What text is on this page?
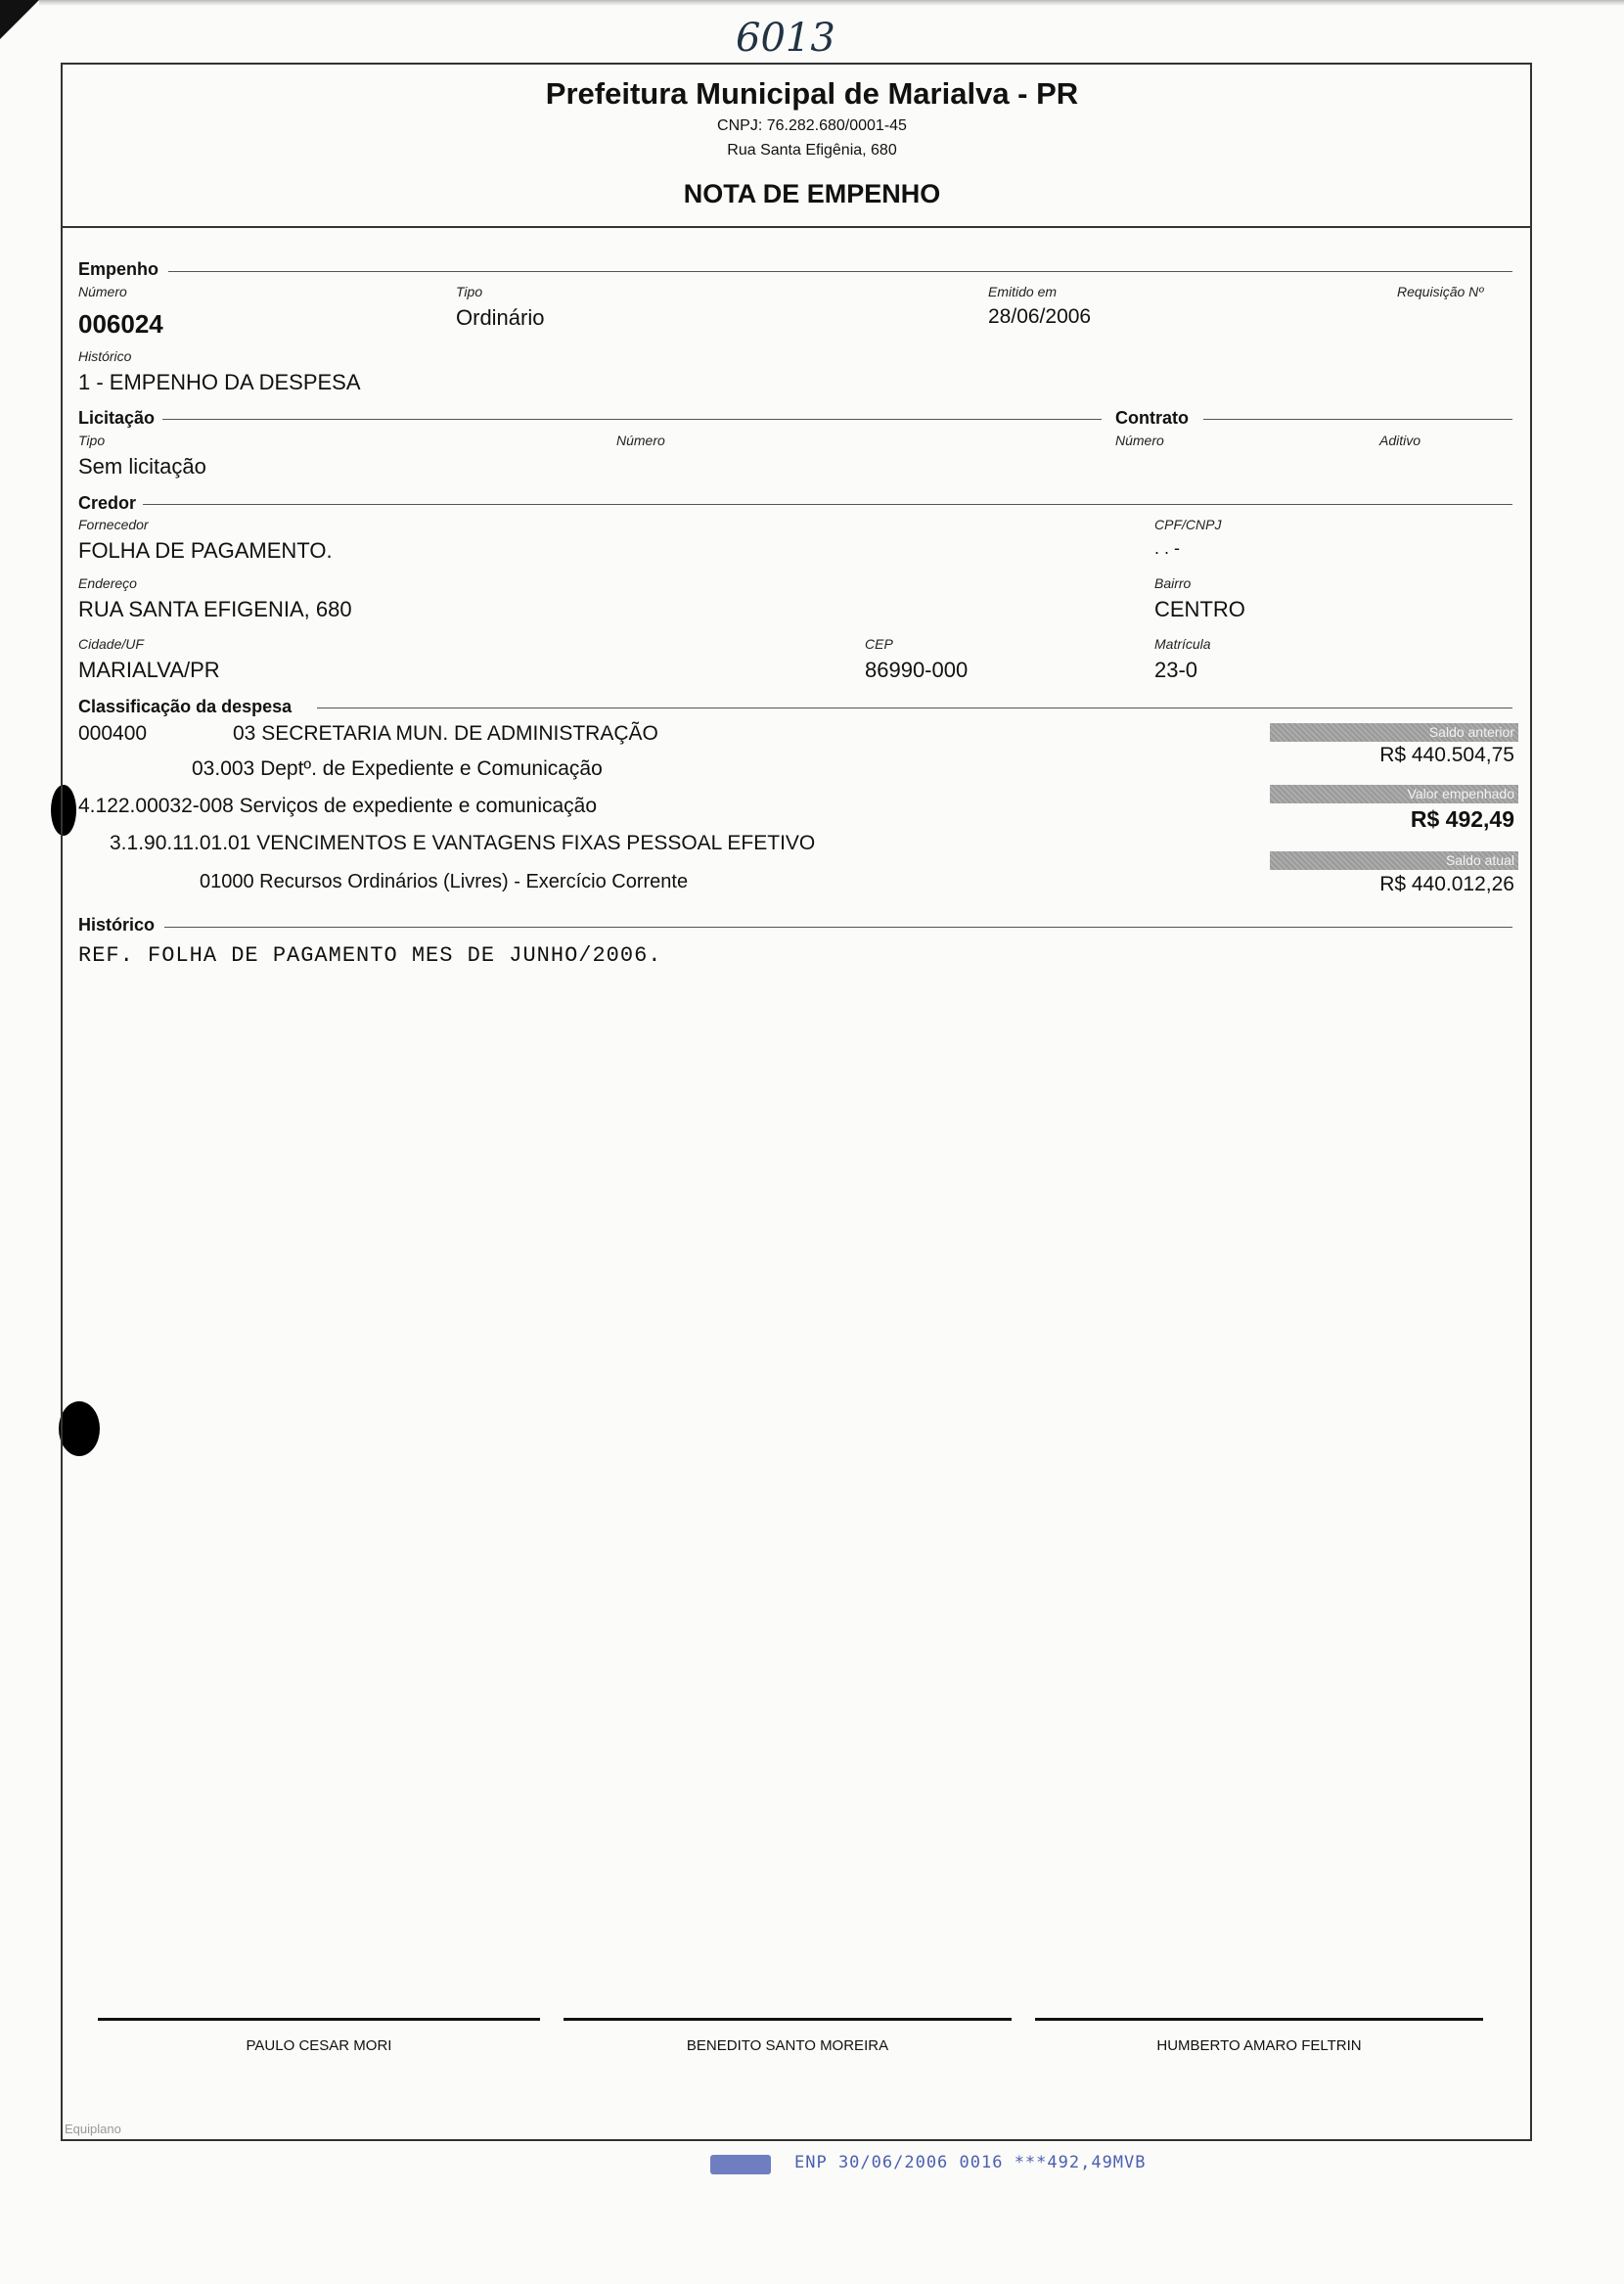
6013
Prefeitura Municipal de Marialva - PR
CNPJ: 76.282.680/0001-45
Rua Santa Efigênia, 680
NOTA DE EMPENHO
Empenho
Número
006024
Tipo
Ordinário
Emitido em
28/06/2006
Requisição Nº
Histórico
1 - EMPENHO DA DESPESA
Licitação	Contrato
Tipo
Sem licitação
Número	Número	Aditivo
Credor
Fornecedor
FOLHA DE PAGAMENTO.
CPF/CNPJ
. . -
Endereço
RUA SANTA EFIGENIA, 680
Bairro
CENTRO
Cidade/UF
MARIALVA/PR
CEP
86990-000
Matrícula
23-0
Classificação da despesa
000400	03 SECRETARIA MUN. DE ADMINISTRAÇÃO
03.003 Deptº. de Expediente e Comunicação
4.122.00032-008 Serviços de expediente e comunicação
3.1.90.11.01.01 VENCIMENTOS E VANTAGENS FIXAS PESSOAL EFETIVO
01000 Recursos Ordinários (Livres) - Exercício Corrente
Saldo anterior
R$ 440.504,75
Valor empenhado
R$ 492,49
Saldo atual
R$ 440.012,26
Histórico
REF. FOLHA DE PAGAMENTO MES DE JUNHO/2006.
PAULO CESAR MORI	BENEDITO SANTO MOREIRA	HUMBERTO AMARO FELTRIN
Equiplano
ENP 30/06/2006 0016 ***492,49MVB
